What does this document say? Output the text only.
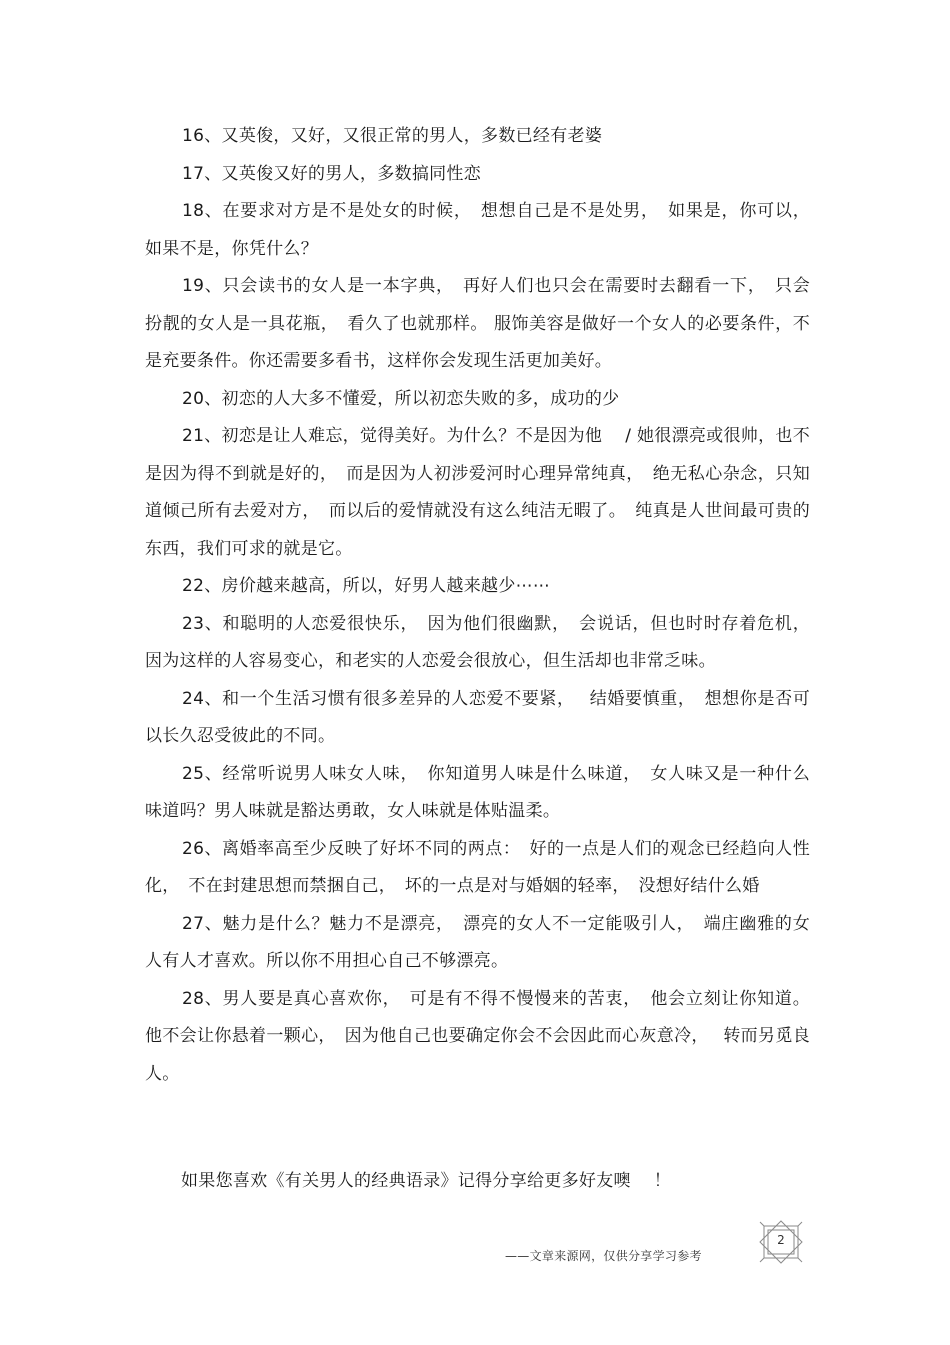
16、又英俊，又好，又很正常的男人，多数已经有老婆

17、又英俊又好的男人，多数搞同性恋

18、在要求对方是不是处女的时候，　想想自己是不是处男，　如果是，你可以，如果不是，你凭什么？

19、只会读书的女人是一本字典，　再好人们也只会在需要时去翻看一下，　只会扮靓的女人是一具花瓶，　看久了也就那样。 服饰美容是做好一个女人的必要条件，不是充要条件。你还需要多看书，这样你会发现生活更加美好。

20、初恋的人大多不懂爱，所以初恋失败的多，成功的少

21、初恋是让人难忘，觉得美好。为什么？不是因为他　 / 她很漂亮或很帅，也不是因为得不到就是好的，　而是因为人初涉爱河时心理异常纯真，　绝无私心杂念，只知道倾己所有去爱对方，　而以后的爱情就没有这么纯洁无暇了。　纯真是人世间最可贵的东西，我们可求的就是它。

22、房价越来越高，所以，好男人越来越少⋯⋯

23、和聪明的人恋爱很快乐，　因为他们很幽默，　会说话，但也时时存着危机，因为这样的人容易变心，和老实的人恋爱会很放心，但生活却也非常乏味。

24、和一个生活习惯有很多差异的人恋爱不要紧，　 结婚要慎重，　想想你是否可以长久忍受彼此的不同。

25、经常听说男人味女人味，　你知道男人味是什么味道，　女人味又是一种什么味道吗？男人味就是豁达勇敢，女人味就是体贴温柔。

26、离婚率高至少反映了好坏不同的两点：　好的一点是人们的观念已经趋向人性化，　不在封建思想而禁捆自己，　坏的一点是对与婚姻的轻率，　没想好结什么婚

27、魅力是什么？魅力不是漂亮，　漂亮的女人不一定能吸引人，　端庄幽雅的女人有人才喜欢。所以你不用担心自己不够漂亮。

28、男人要是真心喜欢你，　可是有不得不慢慢来的苦衷，　他会立刻让你知道。他不会让你悬着一颗心，　因为他自己也要确定你会不会因此而心灰意冷，　 转而另觅良人。

如果您喜欢《有关男人的经典语录》记得分享给更多好友噢　 ！
——文章来源网，仅供分享学习参考
2
